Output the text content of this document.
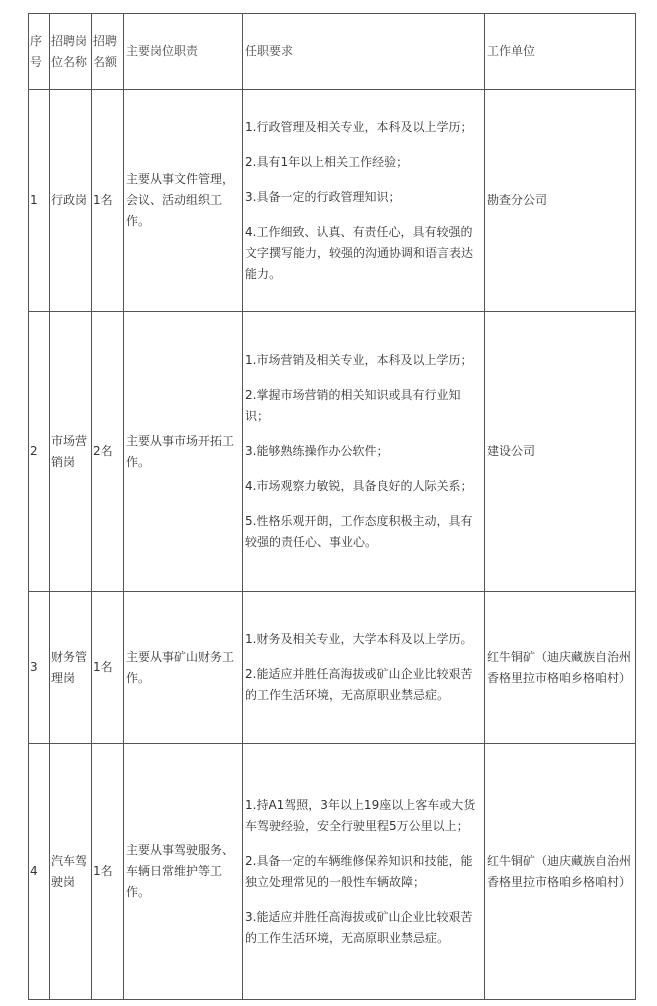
序号	招聘岗位名称	招聘名额	主要岗位职责	任职要求	工作单位
1	行政岗	1名	主要从事文件管理，会议、活动组织工作。	1.行政管理及相关专业，本科及以上学历；

2.具有1年以上相关工作经验；

3.具备一定的行政管理知识；

4.工作细致、认真、有责任心，具有较强的文字撰写能力，较强的沟通协调和语言表达能力。	勘查分公司
2	市场营销岗	2名	主要从事市场开拓工作。	1.市场营销及相关专业，本科及以上学历；

2.掌握市场营销的相关知识或具有行业知识；

3.能够熟练操作办公软件；

4.市场观察力敏锐，具备良好的人际关系；

5.性格乐观开朗，工作态度积极主动，具有较强的责任心、事业心。	建设公司
3	财务管理岗	1名	主要从事矿山财务工作。	1.财务及相关专业，大学本科及以上学历。

2.能适应并胜任高海拔或矿山企业比较艰苦的工作生活环境，无高原职业禁忌症。	红牛铜矿（迪庆藏族自治州香格里拉市格咱乡格咱村）
4	汽车驾驶岗	1名	主要从事驾驶服务、车辆日常维护等工作。	1.持A1驾照，3年以上19座以上客车或大货车驾驶经验，安全行驶里程5万公里以上；

2.具备一定的车辆维修保养知识和技能，能独立处理常见的一般性车辆故障；

3.能适应并胜任高海拔或矿山企业比较艰苦的工作生活环境，无高原职业禁忌症。	红牛铜矿（迪庆藏族自治州香格里拉市格咱乡格咱村）
